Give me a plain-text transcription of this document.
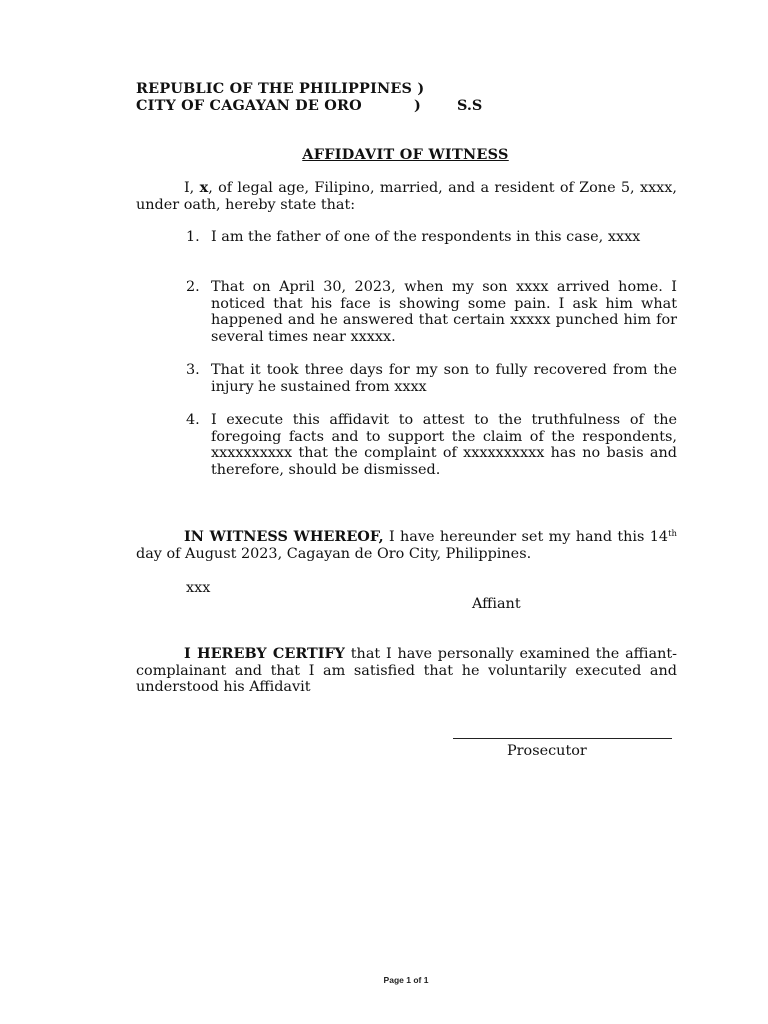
REPUBLIC OF THE PHILIPPINES )
CITY OF CAGAYAN DE ORO	)	S.S
AFFIDAVIT OF WITNESS
I, x, of legal age, Filipino, married, and a resident of Zone 5, xxxx, under oath, hereby state that:
1. I am the father of one of the respondents in this case, xxxx
2. That on April 30, 2023, when my son xxxx arrived home. I noticed that his face is showing some pain. I ask him what happened and he answered that certain xxxxx punched him for several times near xxxxx.
3. That it took three days for my son to fully recovered from the injury he sustained from xxxx
4. I execute this affidavit to attest to the truthfulness of the foregoing facts and to support the claim of the respondents, xxxxxxxxxx that the complaint of xxxxxxxxxx has no basis and therefore, should be dismissed.
IN WITNESS WHEREOF, I have hereunder set my hand this 14th day of August 2023, Cagayan de Oro City, Philippines.
xxx
Affiant
I HEREBY CERTIFY that I have personally examined the affiant-complainant and that I am satisfied that he voluntarily executed and understood his Affidavit
Prosecutor
Page 1 of 1
